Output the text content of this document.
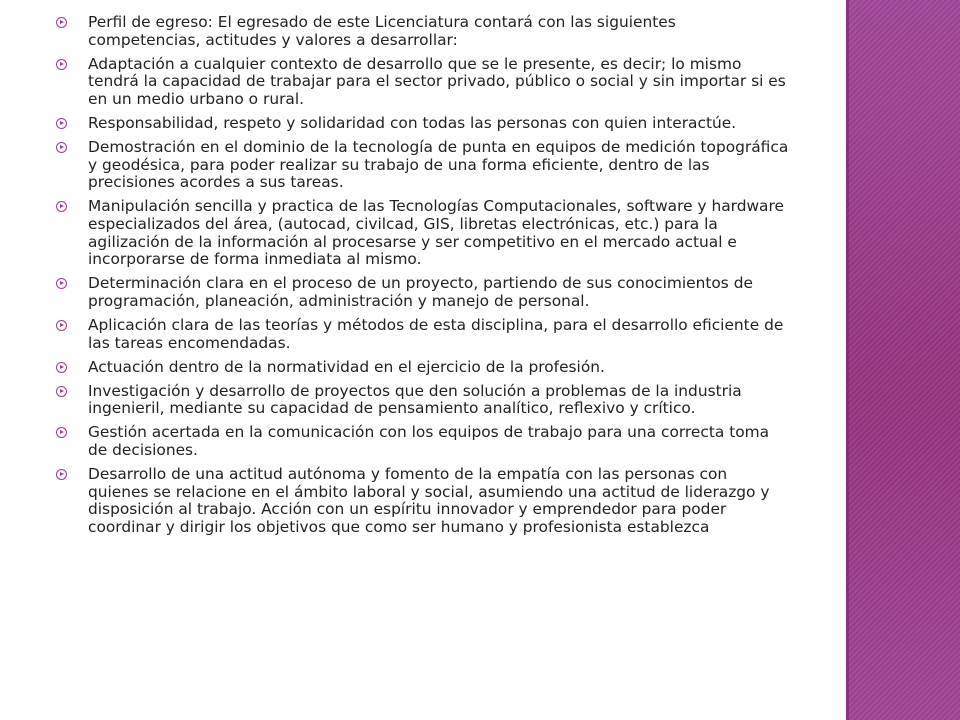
Perfil de egreso: El egresado de este Licenciatura contará con las siguientes competencias, actitudes y valores a desarrollar:
Adaptación a cualquier contexto de desarrollo que se le presente, es decir; lo mismo tendrá la capacidad de trabajar para el sector privado, público o social y sin importar si es en un medio urbano o rural.
Responsabilidad, respeto y solidaridad con todas las personas con quien interactúe.
Demostración en el dominio de la tecnología de punta en equipos de medición topográfica y geodésica, para poder realizar su trabajo de una forma eficiente, dentro de las precisiones acordes a sus tareas.
Manipulación sencilla y practica de las Tecnologías Computacionales, software y hardware especializados del área, (autocad, civilcad, GIS, libretas electrónicas, etc.) para la agilización de la información al procesarse y ser competitivo en el mercado actual e incorporarse de forma inmediata al mismo.
Determinación clara en el proceso de un proyecto, partiendo de sus conocimientos de programación, planeación, administración y manejo de personal.
Aplicación clara de las teorías y métodos de esta disciplina, para el desarrollo eficiente de las tareas encomendadas.
Actuación dentro de la normatividad en el ejercicio de la profesión.
Investigación y desarrollo de proyectos que den solución a problemas de la industria ingenieril, mediante su capacidad de pensamiento analítico, reflexivo y crítico.
Gestión acertada en la comunicación con los equipos de trabajo para una correcta toma de decisiones.
Desarrollo de una actitud autónoma y fomento de la empatía con las personas con quienes se relacione en el ámbito laboral y social, asumiendo una actitud de liderazgo y disposición al trabajo. Acción con un espíritu innovador y emprendedor para poder coordinar y dirigir los objetivos que como ser humano y profesionista establezca
